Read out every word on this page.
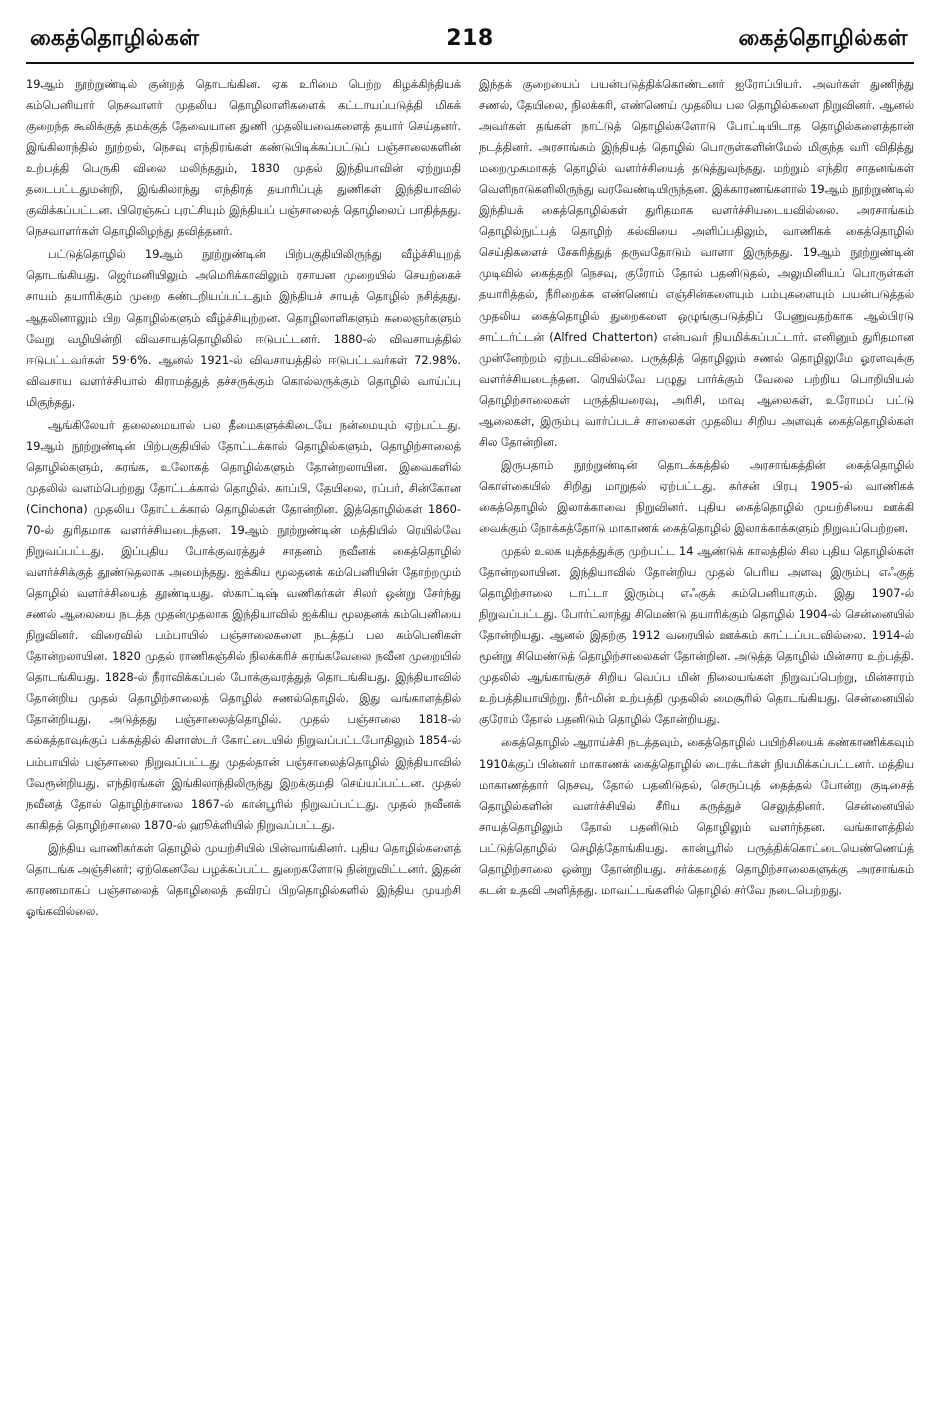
கைத்தொழில்கள்	218	கைத்தொழில்கள்

19ஆம் நூற்றுண்டில் குன்றத் தொடங்கின. ஏக உரிமை பெற்ற கிழக்கிந்தியக் கம்பெனியார் நெசவாளர் முதலிய தொழிலாளிகளைக் கட்டாயப்படுத்தி மிகக் குறைந்த கூலிக்குத் தமக்குத் தேவையான துணி முதலியவைகளைத் தயார் செய்தனர். இங்கிலாந்தில் நூற்றல், நெசவு எந்திரங்கள் கண்டுபிடிக்கப்பட்டுப் பஞ்சாலைகளின் உற்பத்தி பெருகி விலை மலிந்ததும், 1830 முதல் இந்தியாவின் ஏற்றுமதி தடைபட்டதுமன்றி, இங்கிலாந்து எந்திரத் தயாரிப்புத் துணிகள் இந்தியாவில் குவிக்கப்பட்டன. பிரெஞ்சுப் புரட்சியும் இந்தியப் பஞ்சாலைத் தொழிலைப் பாதித்தது. நெசவாளர்கள் தொழிலிழந்து தவித்தனர்.

பட்டுத்தொழில் 19ஆம் நூற்றுண்டின் பிற்பகுதியிலிருந்து வீழ்ச்சியுறத் தொடங்கியது. ஜெர்மனியிலும் அமெரிக்காவிலும் ரசாயன முறையில் செயற்கைச் சாயம் தயாரிக்கும் முறை கண்டறியப்பட்டதும் இந்தியச் சாயத் தொழில் நசித்தது. ஆதலினாலும் பிற தொழில்களும் வீழ்ச்சியுற்றன. தொழிலாளிகளும் கலைஞர்களும் வேறு வழியின்றி விவசாயத்தொழிலில் ஈடுபட்டனர். 1880-ல் விவசாயத்தில் ஈடுபட்டவர்கள் 59·6%. ஆனல் 1921-ல் விவசாயத்தில் ஈடுபட்டவர்கள் 72.98%. விவசாய வளர்ச்சியால் கிராமத்துத் தச்சருக்கும் கொல்லருக்கும் தொழில் வாய்ப்பு மிகுந்தது.

ஆங்கிலேயர் தலைமையால் பல தீமைகளுக்கிடையே நன்மையும் ஏற்பட்டது. 19ஆம் நூற்றுண்டின் பிற்பகுதியில் தோட்டக்கால் தொழில்களும், தொழிற்சாலைத் தொழில்களும், சுரங்க, உலோகத் தொழில்களும் தோன்றலாயின. இவைகளில் முதலில் வளம்பெற்றது தோட்டக்கால் தொழில். காப்பி, தேயிலை, ரப்பர், சின்கோன (Cinchona) முதலிய தோட்டக்கால் தொழில்கள் தோன்றின. இத்தொழில்கள் 1860-70-ல் துரிதமாக வளர்ச்சியடைந்தன. 19ஆம் நூற்றுண்டின் மத்தியில் ரெயில்வே நிறுவப்பட்டது. இப்புதிய போக்குவரத்துச் சாதனம் நவீனக் கைத்தொழில் வளர்ச்சிக்குத் தூண்டுதலாக அமைந்தது. ஐக்கிய மூலதனக் கம்பெனியின் தோற்றமும் தொழில் வளர்ச்சியைத் தூண்டியது. ஸ்காட்டிஷ் வணிகர்கள் சிலர் ஒன்று சேர்ந்து சணல் ஆலையை நடத்த முதன்முதலாக இந்தியாவில் ஐக்கிய மூலதனக் கம்பெனியை நிறுவினர். விரைவில் பம்பாயில் பஞ்சாலைகளை நடத்தப் பல கம்பெனிகள் தோன்றலாயின. 1820 முதல் ராணிகஞ்சில் நிலக்கரிச் சுரங்கவேலை நவீன முறையில் தொடங்கியது. 1828-ல் நீராவிக்கப்பல் போக்குவரத்துத் தொடங்கியது. இந்தியாவில் தோன்றிய முதல் தொழிற்சாலைத் தொழில் சணல்தொழில். இது வங்காளத்தில் தோன்றியது. அடுத்தது பஞ்சாலைத்தொழில். முதல் பஞ்சாலை 1818-ல் கல்கத்தாவுக்குப் பக்கத்தில் கிளாஸ்டர் கோட்டையில் நிறுவப்பட்டபோதிலும் 1854-ல் பம்பாயில் பஞ்சாலை நிறுவப்பட்டது முதல்தான் பஞ்சாலைத்தொழில் இந்தியாவில் வேரூன்றியது. எந்திரங்கள் இங்கிலாந்திலிருந்து இறக்குமதி செய்யப்பட்டன. முதல் நவீனத் தோல் தொழிற்சாலை 1867-ல் கான்பூரில் நிறுவப்பட்டது. முதல் நவீனக் காகிதத் தொழிற்சாலை 1870-ல் ஹூக்ளியில் நிறுவப்பட்டது.

இந்திய வாணிகர்கள் தொழில் முயற்சியில் பின்வாங்கினர். புதிய தொழில்களைத் தொடங்க அஞ்சினர்; ஏற்கெனவே பழக்கப்பட்ட துறைகளோடு நின்றுவிட்டனர். இதன் காரணமாகப் பஞ்சாலைத் தொழிலைத் தவிரப் பிறதொழில்களில் இந்திய முயற்சி ஓங்கவில்லை.

இந்தக் குறையைப் பயன்படுத்திக்கொண்டனர் ஐரோப்பியர். அவர்கள் துணிந்து சணல், தேயிலை, நிலக்கரி, எண்ணெய் முதலிய பல தொழில்களை நிறுவினர். ஆனல் அவர்கள் தங்கள் நாட்டுத் தொழில்களோடு போட்டியிடாத தொழில்களைத்தான் நடத்தினர். அரசாங்கம் இந்தியத் தொழில் பொருள்களின்மேல் மிகுந்த வரி விதித்து மறைமுகமாகத் தொழில் வளர்ச்சியைத் தடுத்துவந்தது. மற்றும் எந்திர சாதனங்கள் வெளிநாடுகளிலிருந்து வரவேண்டியிருந்தன. இக்காரணங்களால் 19ஆம் நூற்றுண்டில் இந்தியக் கைத்தொழில்கள் துரிதமாக வளர்ச்சியடையவில்லை. அரசாங்கம் தொழில்நுட்பத் தொழிற் கல்வியை அளிப்பதிலும், வாணிகக் கைத்தொழில் செய்திகளைச் சேகரித்துத் தருவதோடும் வாளா இருந்தது. 19ஆம் நூற்றுண்டின் முடிவில் கைத்தறி நெசவு, குரோம் தோல் பதனிடுதல், அலுமினியப் பொருள்கள் தயாரித்தல், நீரிறைக்க எண்ணெய் எஞ்சின்களையும் பம்புகளையும் பயன்படுத்தல் முதலிய கைத்தொழில் துறைகளை ஒழுங்குபடுத்திப் பேணுவதற்காக ஆல்பிரடு சாட்டர்ட்டன் (Alfred Chatterton) என்பவர் நியமிக்கப்பட்டார். எனினும் துரிதமான முன்னேற்றம் ஏற்படவில்லை. பருத்தித் தொழிலும் சணல் தொழிலுமே ஓரளவுக்கு வளர்ச்சியடைந்தன. ரெயில்வே பழுது பார்க்கும் வேலை பற்றிய பொறியியல் தொழிற்சாலைகள் பருத்தியரைவு, அரிசி, மாவு ஆலைகள், உரோமப் பட்டு ஆலைகள், இரும்பு வார்ப்படச் சாலைகள் முதலிய சிறிய அளவுக் கைத்தொழில்கள் சில தோன்றின.

இருபதாம் நூற்றுண்டின் தொடக்கத்தில் அரசாங்கத்தின் கைத்தொழில் கொள்கையில் சிறிது மாறுதல் ஏற்பட்டது. கர்சன் பிரபு 1905-ல் வாணிகக் கைத்தொழில் இலாக்காவை நிறுவினர். புதிய கைத்தொழில் முயற்சியை ஊக்கி வைக்கும் நோக்கத்தோடு மாகாணக் கைத்தொழில் இலாக்காக்களும் நிறுவப்பெற்றன.

முதல் உலக யுத்தத்துக்கு முற்பட்ட 14 ஆண்டுக் காலத்தில் சில புதிய தொழில்கள் தோன்றலாயின. இந்தியாவில் தோன்றிய முதல் பெரிய அளவு இரும்பு எஃகுத் தொழிற்சாலை டாட்டா இரும்பு எஃகுக் கம்பெனியாகும். இது 1907-ல் நிறுவப்பட்டது. போர்ட்லாந்து சிமெண்டு தயாரிக்கும் தொழில் 1904-ல் சென்னையில் தோன்றியது. ஆனல் இதற்கு 1912 வரையில் ஊக்கம் காட்டப்படவில்லை. 1914-ல் மூன்று சிமெண்டுத் தொழிற்சாலைகள் தோன்றின. அடுத்த தொழில் மின்சார உற்பத்தி. முதலில் ஆங்காங்குச் சிறிய வெப்ப மின் நிலையங்கள் நிறுவப்பெற்று, மின்சாரம் உற்பத்தியாயிற்று. நீர்-மின் உற்பத்தி முதலில் மைசூரில் தொடங்கியது. சென்னையில் குரோம் தோல் பதனிடும் தொழில் தோன்றியது.

கைத்தொழில் ஆராய்ச்சி நடத்தவும், கைத்தொழில் பயிற்சியைக் கண்காணிக்கவும் 1910க்குப் பின்னர் மாகாணக் கைத்தொழில் டைரக்டர்கள் நியமிக்கப்பட்டனர். மத்திய மாகாணத்தார் நெசவு, தோல் பதனிடுதல், செருப்புத் தைத்தல் போன்ற குடிசைத் தொழில்களின் வளர்ச்சியில் சீரிய கருத்துச் செலுத்தினர். சென்னையில் சாயத்தொழிலும் தோல் பதனிடும் தொழிலும் வளர்ந்தன. வங்காளத்தில் பட்டுத்தொழில் செழித்தோங்கியது. கான்பூரில் பருத்திக்கொட்டையெண்ணெய்த் தொழிற்சாலை ஒன்று தோன்றியது. சர்க்கரைத் தொழிற்சாலைகளுக்கு அரசாங்கம் கடன் உதவி அளித்தது. மாவட்டங்களில் தொழில் சர்வே நடைபெற்றது.
